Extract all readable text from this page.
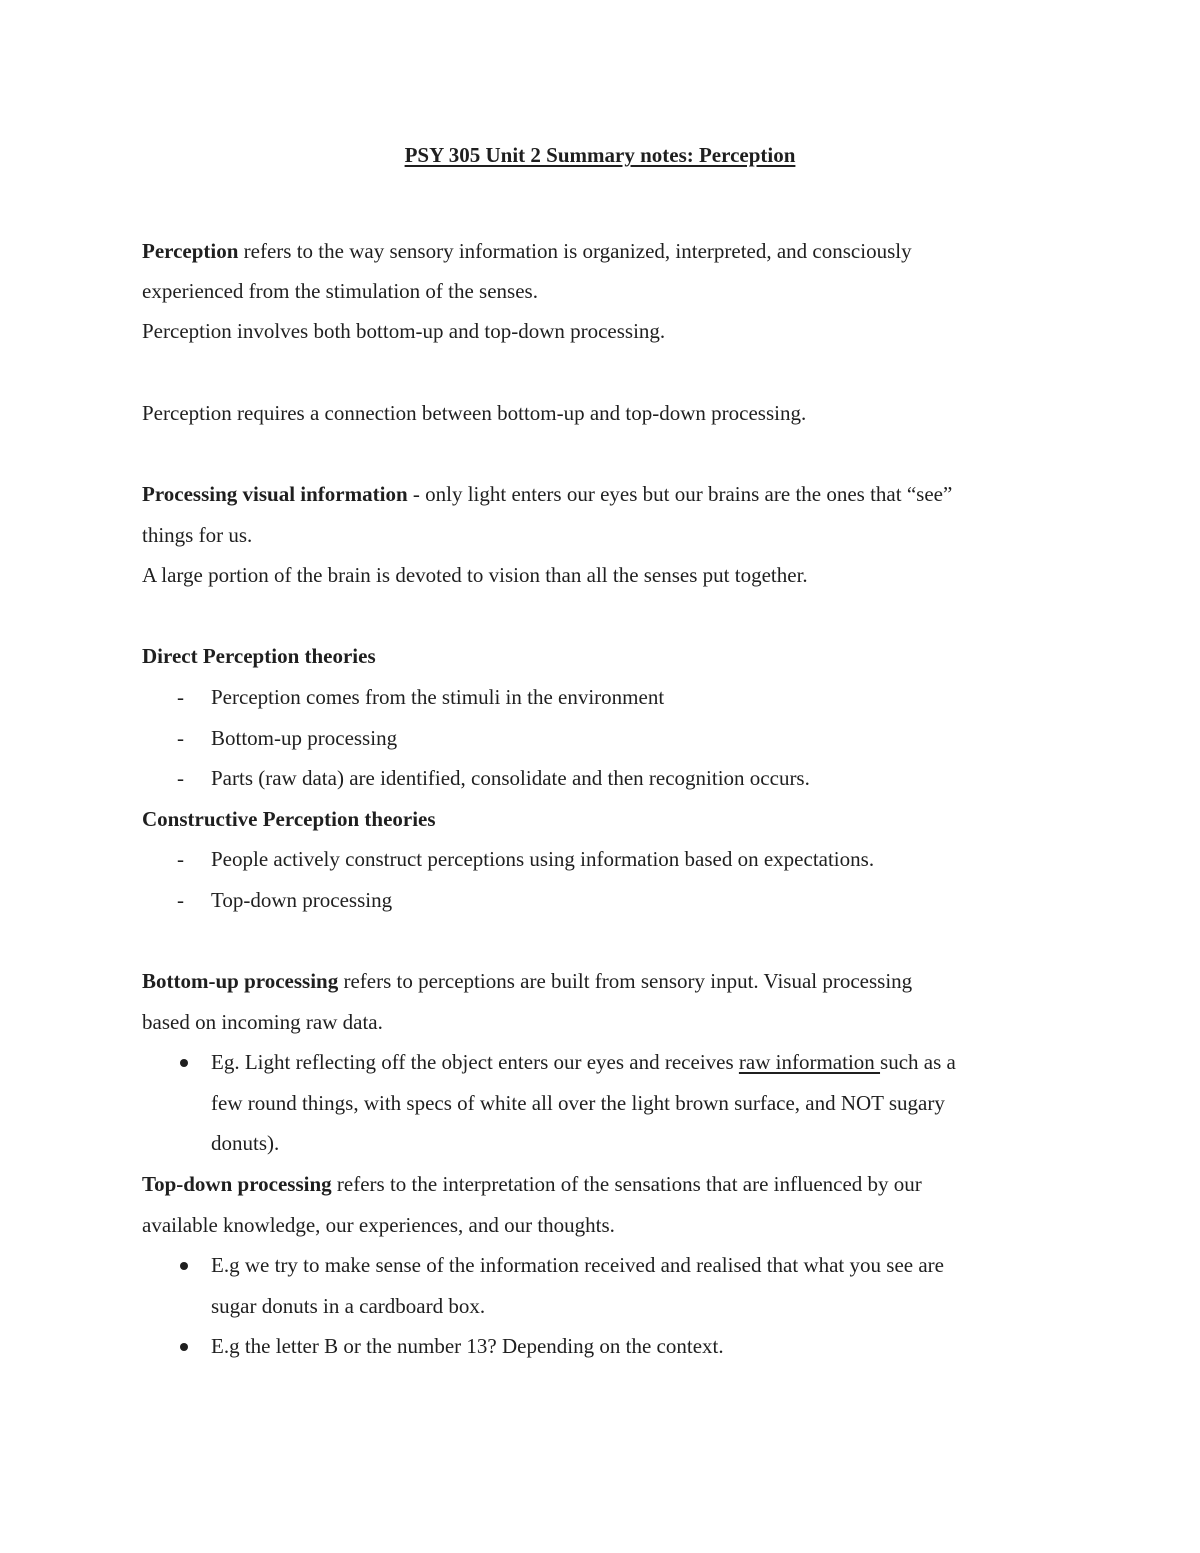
PSY 305 Unit 2 Summary notes: Perception
Perception refers to the way sensory information is organized, interpreted, and consciously
experienced from the stimulation of the senses.
Perception involves both bottom-up and top-down processing.
Perception requires a connection between bottom-up and top-down processing.
Processing visual information - only light enters our eyes but our brains are the ones that “see”
things for us.
A large portion of the brain is devoted to vision than all the senses put together.
Direct Perception theories
- Perception comes from the stimuli in the environment
- Bottom-up processing
- Parts (raw data) are identified, consolidate and then recognition occurs.
Constructive Perception theories
- People actively construct perceptions using information based on expectations.
- Top-down processing
Bottom-up processing refers to perceptions are built from sensory input. Visual processing
based on incoming raw data.
Eg. Light reflecting off the object enters our eyes and receives raw information such as a
few round things, with specs of white all over the light brown surface, and NOT sugary
donuts).
Top-down processing refers to the interpretation of the sensations that are influenced by our
available knowledge, our experiences, and our thoughts.
E.g we try to make sense of the information received and realised that what you see are
sugar donuts in a cardboard box.
E.g the letter B or the number 13? Depending on the context.
